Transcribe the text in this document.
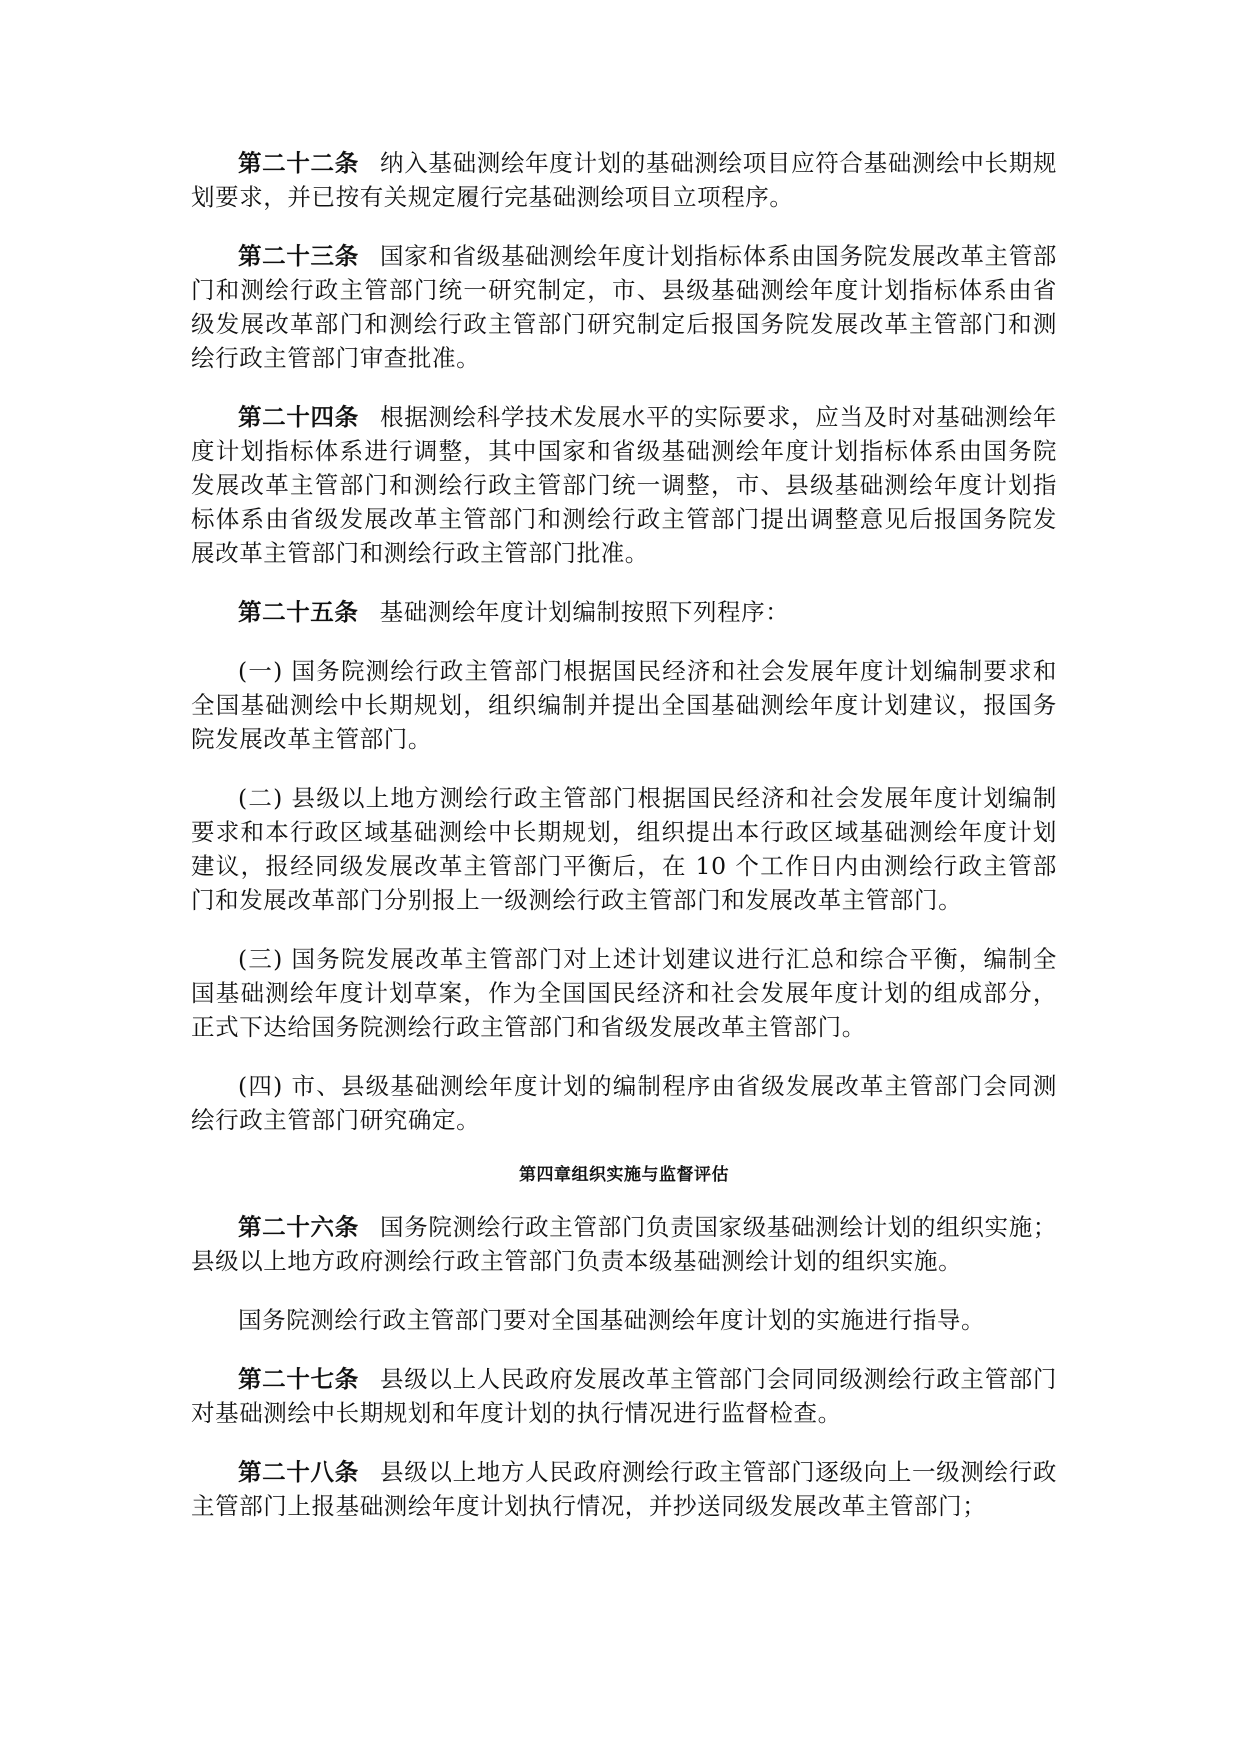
第二十二条 纳入基础测绘年度计划的基础测绘项目应符合基础测绘中长期规划要求，并已按有关规定履行完基础测绘项目立项程序。

第二十三条 国家和省级基础测绘年度计划指标体系由国务院发展改革主管部门和测绘行政主管部门统一研究制定，市、县级基础测绘年度计划指标体系由省级发展改革部门和测绘行政主管部门研究制定后报国务院发展改革主管部门和测绘行政主管部门审查批准。

第二十四条 根据测绘科学技术发展水平的实际要求，应当及时对基础测绘年度计划指标体系进行调整，其中国家和省级基础测绘年度计划指标体系由国务院发展改革主管部门和测绘行政主管部门统一调整，市、县级基础测绘年度计划指标体系由省级发展改革主管部门和测绘行政主管部门提出调整意见后报国务院发展改革主管部门和测绘行政主管部门批准。

第二十五条 基础测绘年度计划编制按照下列程序：

(一) 国务院测绘行政主管部门根据国民经济和社会发展年度计划编制要求和全国基础测绘中长期规划，组织编制并提出全国基础测绘年度计划建议，报国务院发展改革主管部门。

(二) 县级以上地方测绘行政主管部门根据国民经济和社会发展年度计划编制要求和本行政区域基础测绘中长期规划，组织提出本行政区域基础测绘年度计划建议，报经同级发展改革主管部门平衡后，在 10 个工作日内由测绘行政主管部门和发展改革部门分别报上一级测绘行政主管部门和发展改革主管部门。

(三) 国务院发展改革主管部门对上述计划建议进行汇总和综合平衡，编制全国基础测绘年度计划草案，作为全国国民经济和社会发展年度计划的组成部分，正式下达给国务院测绘行政主管部门和省级发展改革主管部门。

(四) 市、县级基础测绘年度计划的编制程序由省级发展改革主管部门会同测绘行政主管部门研究确定。

第四章组织实施与监督评估

第二十六条 国务院测绘行政主管部门负责国家级基础测绘计划的组织实施；县级以上地方政府测绘行政主管部门负责本级基础测绘计划的组织实施。

国务院测绘行政主管部门要对全国基础测绘年度计划的实施进行指导。

第二十七条 县级以上人民政府发展改革主管部门会同同级测绘行政主管部门对基础测绘中长期规划和年度计划的执行情况进行监督检查。

第二十八条 县级以上地方人民政府测绘行政主管部门逐级向上一级测绘行政主管部门上报基础测绘年度计划执行情况，并抄送同级发展改革主管部门；
